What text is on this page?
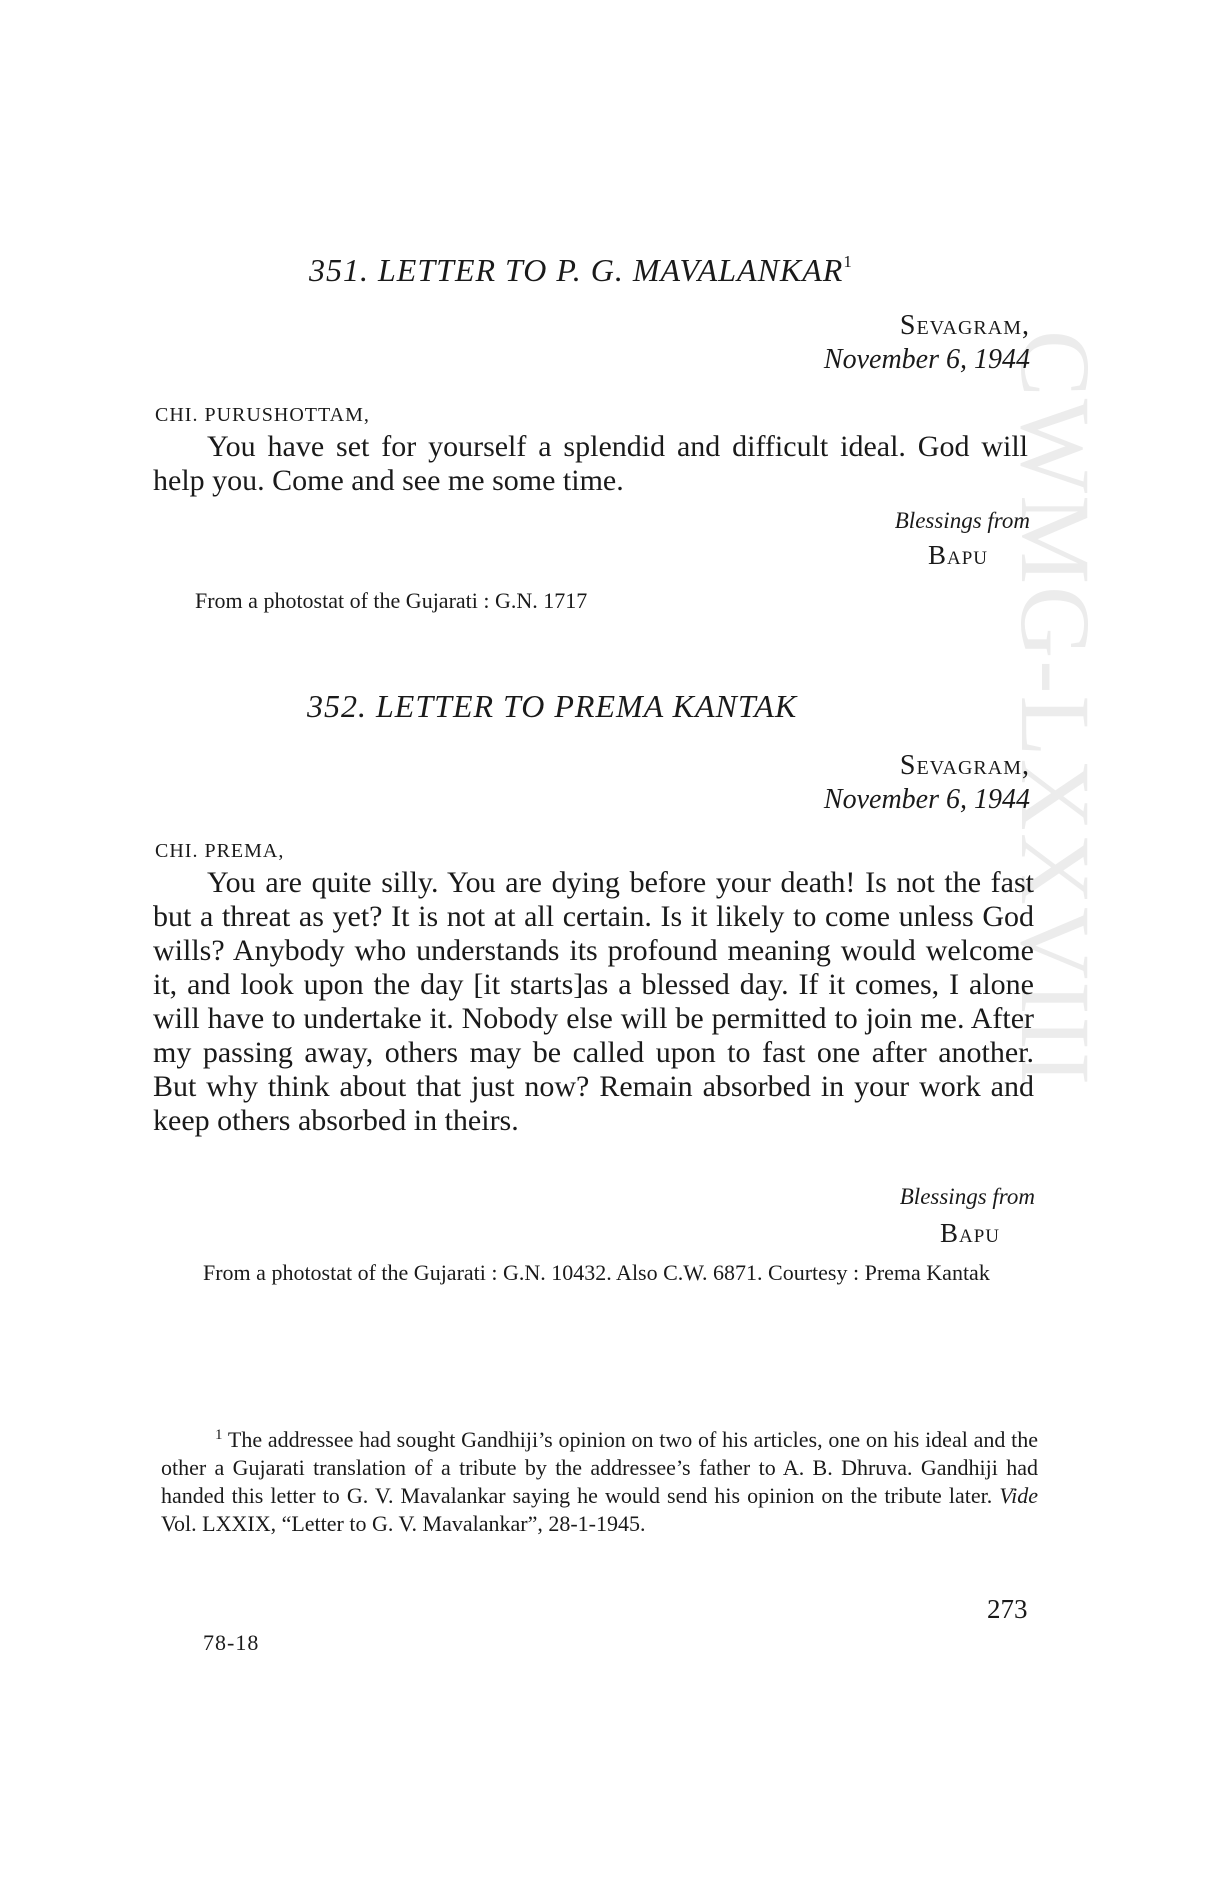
CWMG-LXXVIII
351. LETTER TO P. G. MAVALANKAR$^1$
Sevagram,
November 6, 1944
CHI. PURUSHOTTAM,

You have set for yourself a splendid and difficult ideal. God will help you. Come and see me some time.

Blessings from
Bapu
From a photostat of the Gujarati : G.N. 1717
352. LETTER TO PREMA KANTAK
Sevagram,
November 6, 1944
CHI. PREMA,

You are quite silly. You are dying before your death! Is not the fast but a threat as yet? It is not at all certain. Is it likely to come unless God wills? Anybody who understands its profound meaning would welcome it, and look upon the day [it starts]as a blessed day. If it comes, I alone will have to undertake it. Nobody else will be permitted to join me. After my passing away, others may be called upon to fast one after another. But why think about that just now? Remain absorbed in your work and keep others absorbed in theirs.

Blessings from
Bapu

From a photostat of the Gujarati : G.N. 10432. Also C.W. 6871. Courtesy : Prema Kantak

$^1$ The addressee had sought Gandhiji’s opinion on two of his articles, one on his ideal and the other a Gujarati translation of a tribute by the addressee’s father to A. B. Dhruva. Gandhiji had handed this letter to G. V. Mavalankar saying he would send his opinion on the tribute later. Vide Vol. LXXIX, “Letter to G. V. Mavalankar”, 28-1-1945.

273
78-18
